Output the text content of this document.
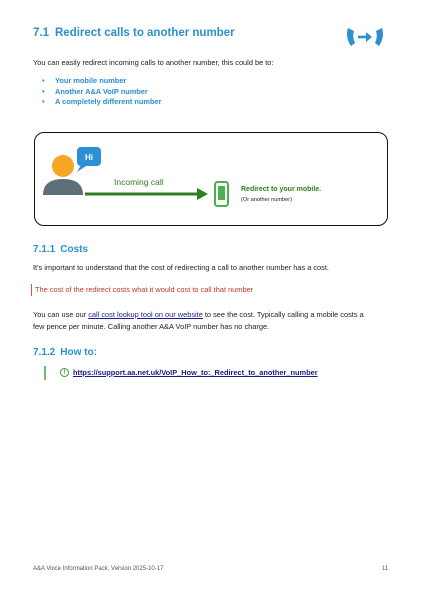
7.1 Redirect calls to another number
You can easily redirect incoming calls to another number, this could be to:
• Your mobile number
• Another A&A VoIP number
• A completely different number
Hi
Incoming call
Redirect to your mobile.
(Or another number)
7.1.1 Costs
It's important to understand that the cost of redirecting a call to another number has a cost.
The cost of the redirect costs what it would cost to call that number
You can use our call cost lookup tool on our website to see the cost. Typically calling a mobile costs a
few pence per minute. Calling another A&A VoIP number has no charge.
7.1.2 How to:
!	https://support.aa.net.uk/VoIP_How_to:_Redirect_to_another_number
A&A Voice Information Pack. Version 2025-10-17	11
